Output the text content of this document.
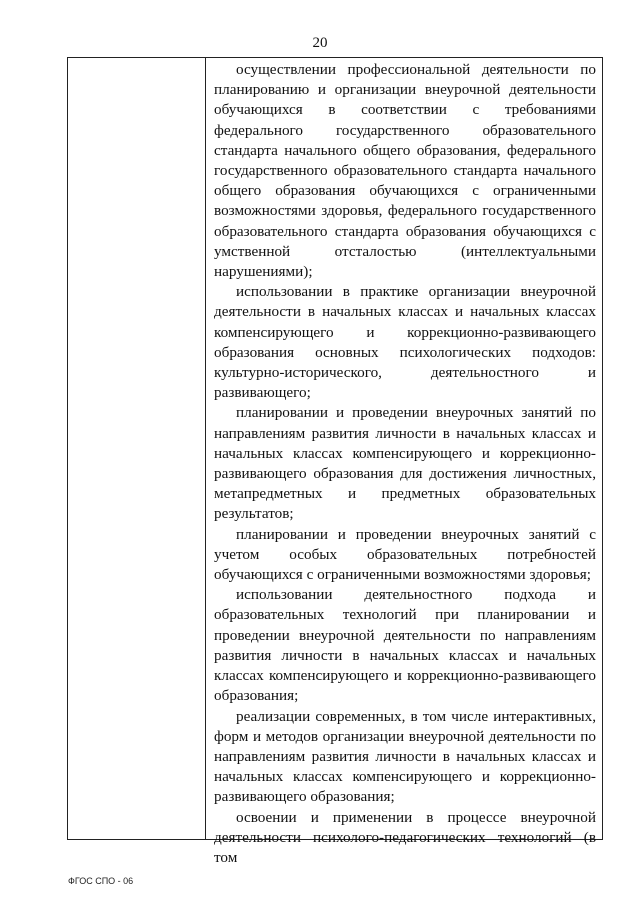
20

осуществлении профессиональной деятельности по планированию и организации внеурочной деятельности обучающихся в соответствии с требованиями федерального государственного образовательного стандарта начального общего образования, федерального государственного образовательного стандарта начального общего образования обучающихся с ограниченными возможностями здоровья, федерального государственного образовательного стандарта образования обучающихся с умственной отсталостью (интеллектуальными нарушениями);

использовании в практике организации внеурочной деятельности в начальных классах и начальных классах компенсирующего и коррекционно-развивающего образования основных психологических подходов: культурно-исторического, деятельностного и развивающего;

планировании и проведении внеурочных занятий по направлениям развития личности в начальных классах и начальных классах компенсирующего и коррекционно-развивающего образования для достижения личностных, метапредметных и предметных образовательных результатов;

планировании и проведении внеурочных занятий с учетом особых образовательных потребностей обучающихся с ограниченными возможностями здоровья;

использовании деятельностного подхода и образовательных технологий при планировании и проведении внеурочной деятельности по направлениям развития личности в начальных классах и начальных классах компенсирующего и коррекционно-развивающего образования;

реализации современных, в том числе интерактивных, форм и методов организации внеурочной деятельности по направлениям развития личности в начальных классах и начальных классах компенсирующего и коррекционно-развивающего образования;

освоении и применении в процессе внеурочной деятельности психолого-педагогических технологий (в том

ФГОС СПО - 06
